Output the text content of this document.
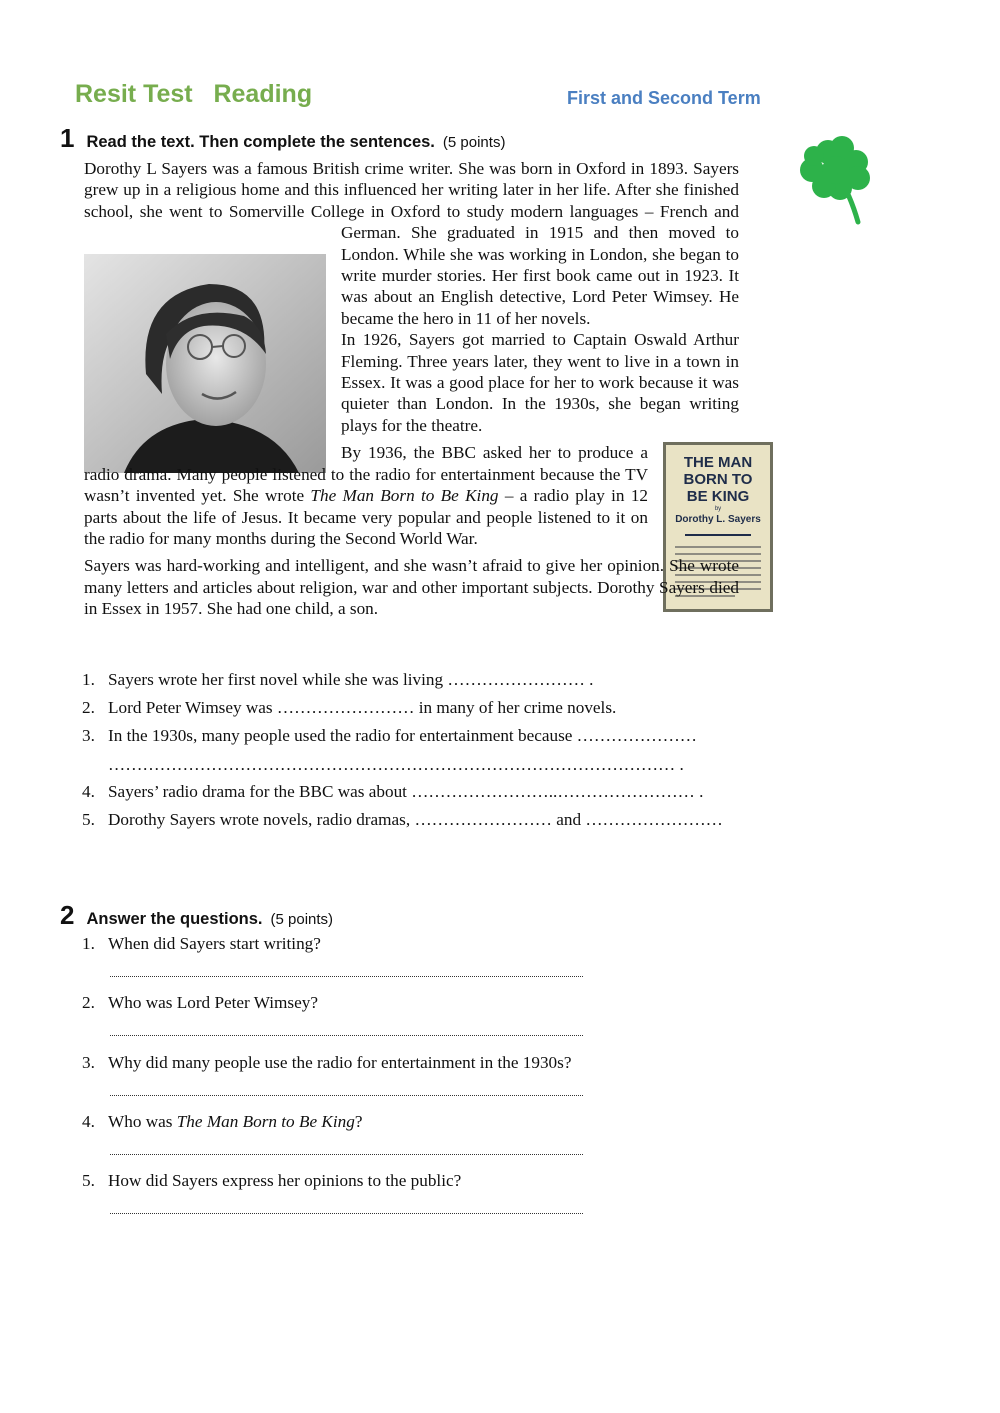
Resit Test   Reading	First and Second Term
1 Read the text. Then complete the sentences. (5 points)
THE MAN
BORN TO
BE KING
by
Dorothy L. Sayers

Dorothy L Sayers was a famous British crime writer. She was born in Oxford in 1893. Sayers grew up in a religious home and this influenced her writing later in her life. After she finished school, she went to Somerville College in Oxford to study modern languages – French and German. She graduated in 1915 and then moved to London. While she was working in London, she began to write murder stories. Her first book came out in 1923. It was about an English detective, Lord Peter Wimsey. He became the hero in 11 of her novels.

In 1926, Sayers got married to Captain Oswald Arthur Fleming. Three years later, they went to live in a town in Essex. It was a good place for her to work because it was quieter than London. In the 1930s, she began writing plays for the theatre.

By 1936, the BBC asked her to produce a radio drama. Many people listened to the radio for entertainment because the TV wasn’t invented yet. She wrote The Man Born to Be King – a radio play in 12 parts about the life of Jesus. It became very popular and people listened to it on the radio for many months during the Second World War.

Sayers was hard-working and intelligent, and she wasn’t afraid to give her opinion. She wrote many letters and articles about religion, war and other important subjects. Dorothy Sayers died in Essex in 1957. She had one child, a son.

1. Sayers wrote her first novel while she was living …………………… .
2. Lord Peter Wimsey was …………………… in many of her crime novels.
3. In the 1930s, many people used the radio for entertainment because …………………
……………………………………………………………………………………… .
4. Sayers’ radio drama for the BBC was about ……………………..…………………… .
5. Dorothy Sayers wrote novels, radio dramas, …………………… and ……………………
2 Answer the questions. (5 points)
1. When did Sayers start writing?
2. Who was Lord Peter Wimsey?
3. Why did many people use the radio for entertainment in the 1930s?
4. Who was The Man Born to Be King?
5. How did Sayers express her opinions to the public?
